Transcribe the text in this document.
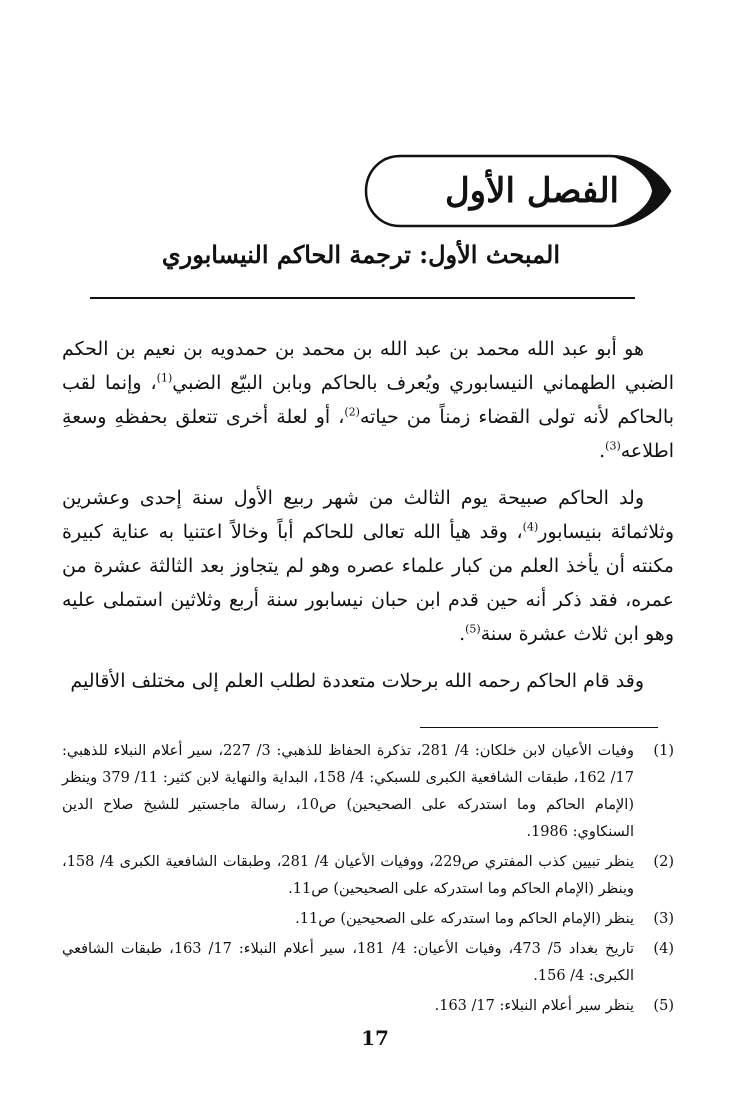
الفصل الأول
المبحث الأول: ترجمة الحاكم النيسابوري

هو أبو عبد الله محمد بن عبد الله بن محمد بن حمدويه بن نعيم بن الحكم الضبي الطهماني النيسابوري ويُعرف بالحاكم وبابن البيّع الضبي$^{(1)}$، وإنما لقب بالحاكم لأنه تولى القضاء زمناً من حياته$^{(2)}$، أو لعلة أخرى تتعلق بحفظهِ وسعةِ اطلاعه$^{(3)}$.

ولد الحاكم صبيحة يوم الثالث من شهر ربيع الأول سنة إحدى وعشرين وثلاثمائة بنيسابور$^{(4)}$، وقد هيأ الله تعالى للحاكم أباً وخالاً اعتنيا به عناية كبيرة مكنته أن يأخذ العلم من كبار علماء عصره وهو لم يتجاوز بعد الثالثة عشرة من عمره، فقد ذكر أنه حين قدم ابن حبان نيسابور سنة أربع وثلاثين استملى عليه وهو ابن ثلاث عشرة سنة$^{(5)}$.

وقد قام الحاكم رحمه الله برحلات متعددة لطلب العلم إلى مختلف الأقاليم

(1)
وفيات الأعيان لابن خلكان: 4/ 281، تذكرة الحفاظ للذهبي: 3/ 227، سير أعلام النبلاء للذهبي: 17/ 162، طبقات الشافعية الكبرى للسبكي: 4/ 158، البداية والنهاية لابن كثير: 11/ 379 وينظر (الإمام الحاكم وما استدركه على الصحيحين) ص10، رسالة ماجستير للشيخ صلاح الدين السنكاوي: 1986.
(2)
ينظر تبيين كذب المفتري ص229، ووفيات الأعيان 4/ 281، وطبقات الشافعية الكبرى 4/ 158، وينظر (الإمام الحاكم وما استدركه على الصحيحين) ص11.
(3)
ينظر (الإمام الحاكم وما استدركه على الصحيحين) ص11.
(4)
تاريخ بغداد 5/ 473، وفيات الأعيان: 4/ 181، سير أعلام النبلاء: 17/ 163، طبقات الشافعي الكبرى: 4/ 156.
(5)
ينظر سير أعلام النبلاء: 17/ 163.
17
